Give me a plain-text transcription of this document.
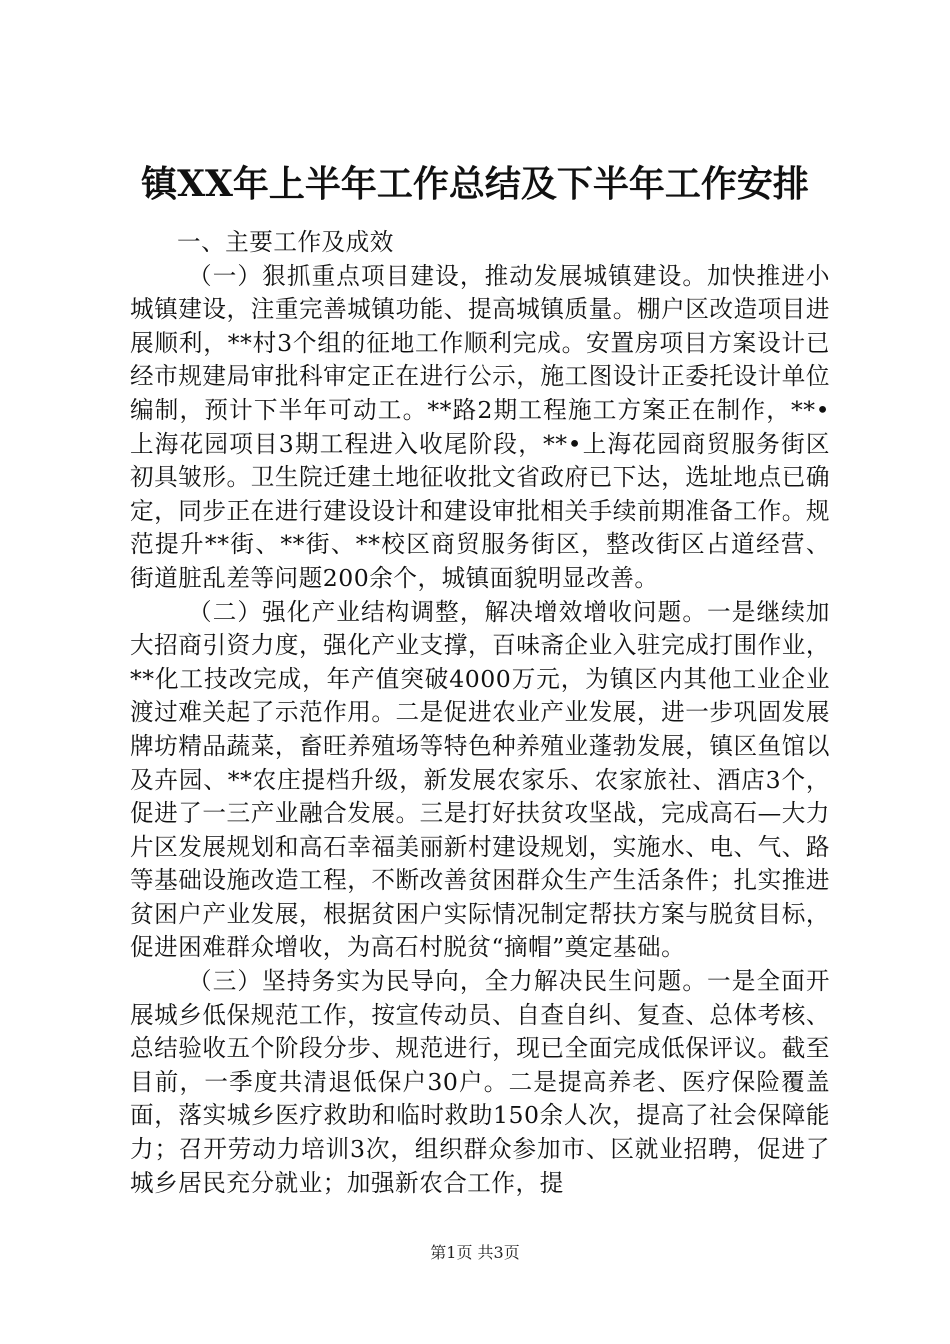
镇XX年上半年工作总结及下半年工作安排

一、主要工作及成效

（一）狠抓重点项目建设，推动发展城镇建设。加快推进小城镇建设，注重完善城镇功能、提高城镇质量。棚户区改造项目进展顺利，**村3个组的征地工作顺利完成。安置房项目方案设计已经市规建局审批科审定正在进行公示，施工图设计正委托设计单位编制，预计下半年可动工。**路2期工程施工方案正在制作，**•上海花园项目3期工程进入收尾阶段，**•上海花园商贸服务街区初具皱形。卫生院迁建土地征收批文省政府已下达，选址地点已确定，同步正在进行建设设计和建设审批相关手续前期准备工作。规范提升**街、**街、**校区商贸服务街区，整改街区占道经营、街道脏乱差等问题200余个，城镇面貌明显改善。

（二）强化产业结构调整，解决增效增收问题。一是继续加大招商引资力度，强化产业支撑，百味斋企业入驻完成打围作业，**化工技改完成，年产值突破4000万元，为镇区内其他工业企业渡过难关起了示范作用。二是促进农业产业发展，进一步巩固发展牌坊精品蔬菜，畜旺养殖场等特色种养殖业蓬勃发展，镇区鱼馆以及卉园、**农庄提档升级，新发展农家乐、农家旅社、酒店3个，促进了一三产业融合发展。三是打好扶贫攻坚战，完成高石—大力片区发展规划和高石幸福美丽新村建设规划，实施水、电、气、路等基础设施改造工程，不断改善贫困群众生产生活条件；扎实推进贫困户产业发展，根据贫困户实际情况制定帮扶方案与脱贫目标，促进困难群众增收，为高石村脱贫“摘帽”奠定基础。

（三）坚持务实为民导向，全力解决民生问题。一是全面开展城乡低保规范工作，按宣传动员、自查自纠、复查、总体考核、总结验收五个阶段分步、规范进行，现已全面完成低保评议。截至目前，一季度共清退低保户30户。二是提高养老、医疗保险覆盖面，落实城乡医疗救助和临时救助150余人次，提高了社会保障能力；召开劳动力培训3次，组织群众参加市、区就业招聘，促进了城乡居民充分就业；加强新农合工作，提

第1页 共3页
